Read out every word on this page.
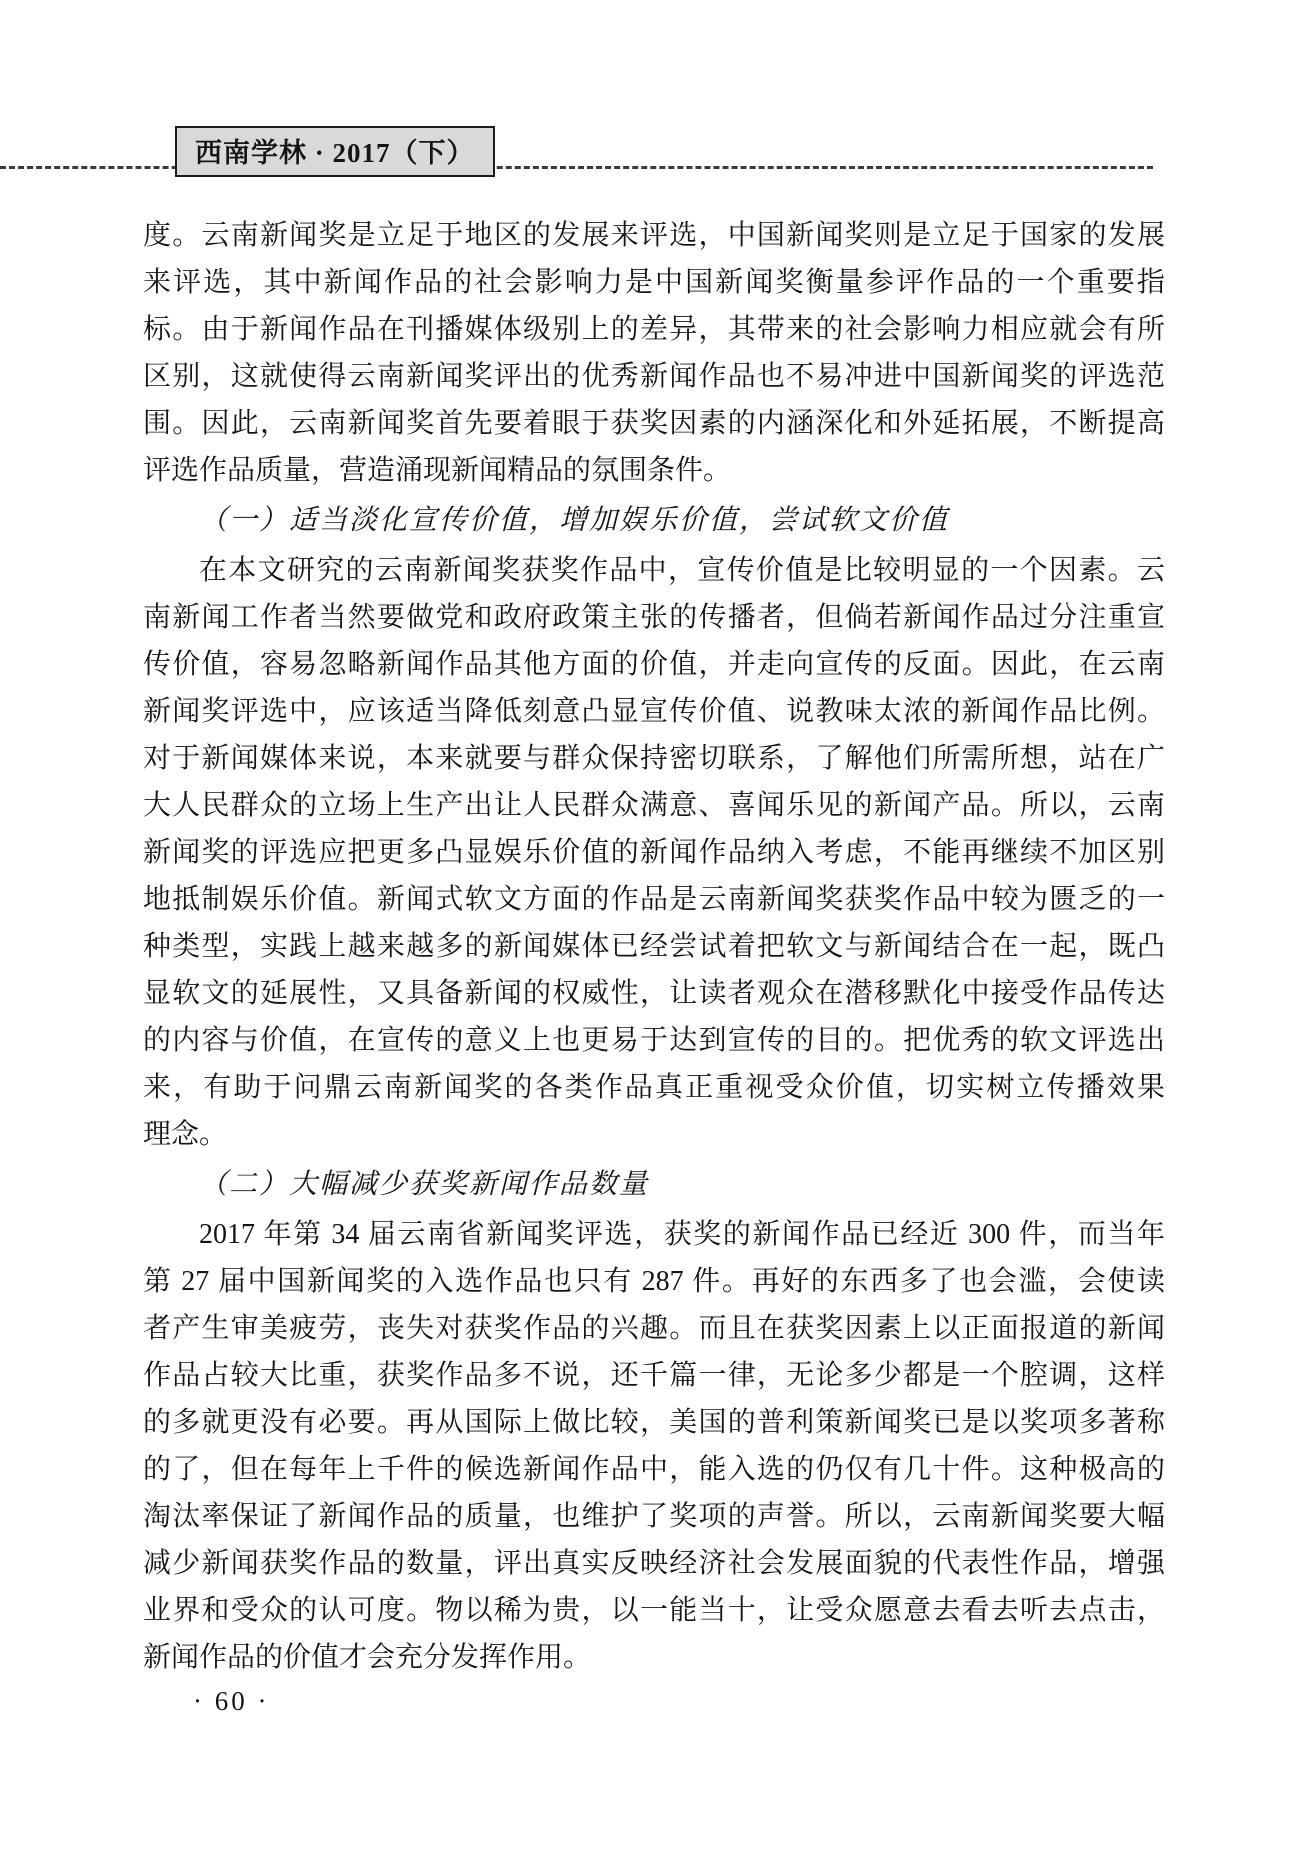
西南学林 · 2017（下）
度。云南新闻奖是立足于地区的发展来评选，中国新闻奖则是立足于国家的发展
来评选，其中新闻作品的社会影响力是中国新闻奖衡量参评作品的一个重要指
标。由于新闻作品在刊播媒体级别上的差异，其带来的社会影响力相应就会有所
区别，这就使得云南新闻奖评出的优秀新闻作品也不易冲进中国新闻奖的评选范
围。因此，云南新闻奖首先要着眼于获奖因素的内涵深化和外延拓展，不断提高
评选作品质量，营造涌现新闻精品的氛围条件。
（一）适当淡化宣传价值，增加娱乐价值，尝试软文价值
在本文研究的云南新闻奖获奖作品中，宣传价值是比较明显的一个因素。云
南新闻工作者当然要做党和政府政策主张的传播者，但倘若新闻作品过分注重宣
传价值，容易忽略新闻作品其他方面的价值，并走向宣传的反面。因此，在云南
新闻奖评选中，应该适当降低刻意凸显宣传价值、说教味太浓的新闻作品比例。
对于新闻媒体来说，本来就要与群众保持密切联系，了解他们所需所想，站在广
大人民群众的立场上生产出让人民群众满意、喜闻乐见的新闻产品。所以，云南
新闻奖的评选应把更多凸显娱乐价值的新闻作品纳入考虑，不能再继续不加区别
地抵制娱乐价值。新闻式软文方面的作品是云南新闻奖获奖作品中较为匮乏的一
种类型，实践上越来越多的新闻媒体已经尝试着把软文与新闻结合在一起，既凸
显软文的延展性，又具备新闻的权威性，让读者观众在潜移默化中接受作品传达
的内容与价值，在宣传的意义上也更易于达到宣传的目的。把优秀的软文评选出
来，有助于问鼎云南新闻奖的各类作品真正重视受众价值，切实树立传播效果
理念。
（二）大幅减少获奖新闻作品数量
2017 年第 34 届云南省新闻奖评选，获奖的新闻作品已经近 300 件，而当年
第 27 届中国新闻奖的入选作品也只有 287 件。再好的东西多了也会滥，会使读
者产生审美疲劳，丧失对获奖作品的兴趣。而且在获奖因素上以正面报道的新闻
作品占较大比重，获奖作品多不说，还千篇一律，无论多少都是一个腔调，这样
的多就更没有必要。再从国际上做比较，美国的普利策新闻奖已是以奖项多著称
的了，但在每年上千件的候选新闻作品中，能入选的仍仅有几十件。这种极高的
淘汰率保证了新闻作品的质量，也维护了奖项的声誉。所以，云南新闻奖要大幅
减少新闻获奖作品的数量，评出真实反映经济社会发展面貌的代表性作品，增强
业界和受众的认可度。物以稀为贵，以一能当十，让受众愿意去看去听去点击，
新闻作品的价值才会充分发挥作用。
· 60 ·
